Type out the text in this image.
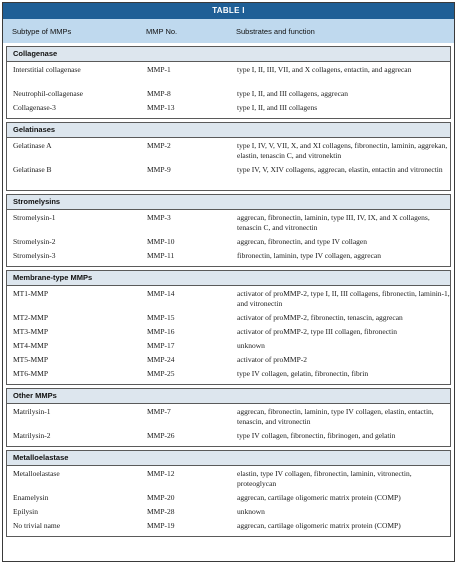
TABLE I
Subtype of MMPs	MMP No.	Substrates and function
Collagenase
Interstitial collagenase	MMP-1	type I, II, III, VII, and X collagens, entactin, and aggrecan
Neutrophil-collagenase	MMP-8	type I, II, and III collagens, aggrecan
Collagenase-3	MMP-13	type I, II, and III collagens
Gelatinases
Gelatinase A	MMP-2	type I, IV, V, VII, X, and XI collagens, fibronectin, laminin, aggrekan, elastin, tenascin C, and vitronektin
Gelatinase B	MMP-9	type IV, V, XIV collagens, aggrecan, elastin, entactin and vitronectin
Stromelysins
Stromelysin-1	MMP-3	aggrecan, fibronectin, laminin, type III, IV, IX, and X collagens, tenascin C, and vitronectin
Stromelysin-2	MMP-10	aggrecan, fibronectin, and type IV collagen
Stromelysin-3	MMP-11	fibronectin, laminin, type IV collagen, aggrecan
Membrane-type MMPs
MT1-MMP	MMP-14	activator of proMMP-2, type I, II, III collagens, fibronectin, laminin-1, and vitronectin
MT2-MMP	MMP-15	activator of proMMP-2, fibronectin, tenascin, aggrecan
MT3-MMP	MMP-16	activator of proMMP-2, type III collagen, fibronectin
MT4-MMP	MMP-17	unknown
MT5-MMP	MMP-24	activator of proMMP-2
MT6-MMP	MMP-25	type IV collagen, gelatin, fibronectin, fibrin
Other MMPs
Matrilysin-1	MMP-7	aggrecan, fibronectin, laminin, type IV collagen, elastin, entactin, tenascin, and vitronectin
Matrilysin-2	MMP-26	type IV collagen, fibronectin, fibrinogen, and gelatin
Metalloelastase
Metalloelastase	MMP-12	elastin, type IV collagen, fibronectin, laminin, vitronectin, proteoglycan
Enamelysin	MMP-20	aggrecan, cartilage oligomeric matrix protein (COMP)
Epilysin	MMP-28	unknown
No trivial name	MMP-19	aggrecan, cartilage oligomeric matrix protein (COMP)
